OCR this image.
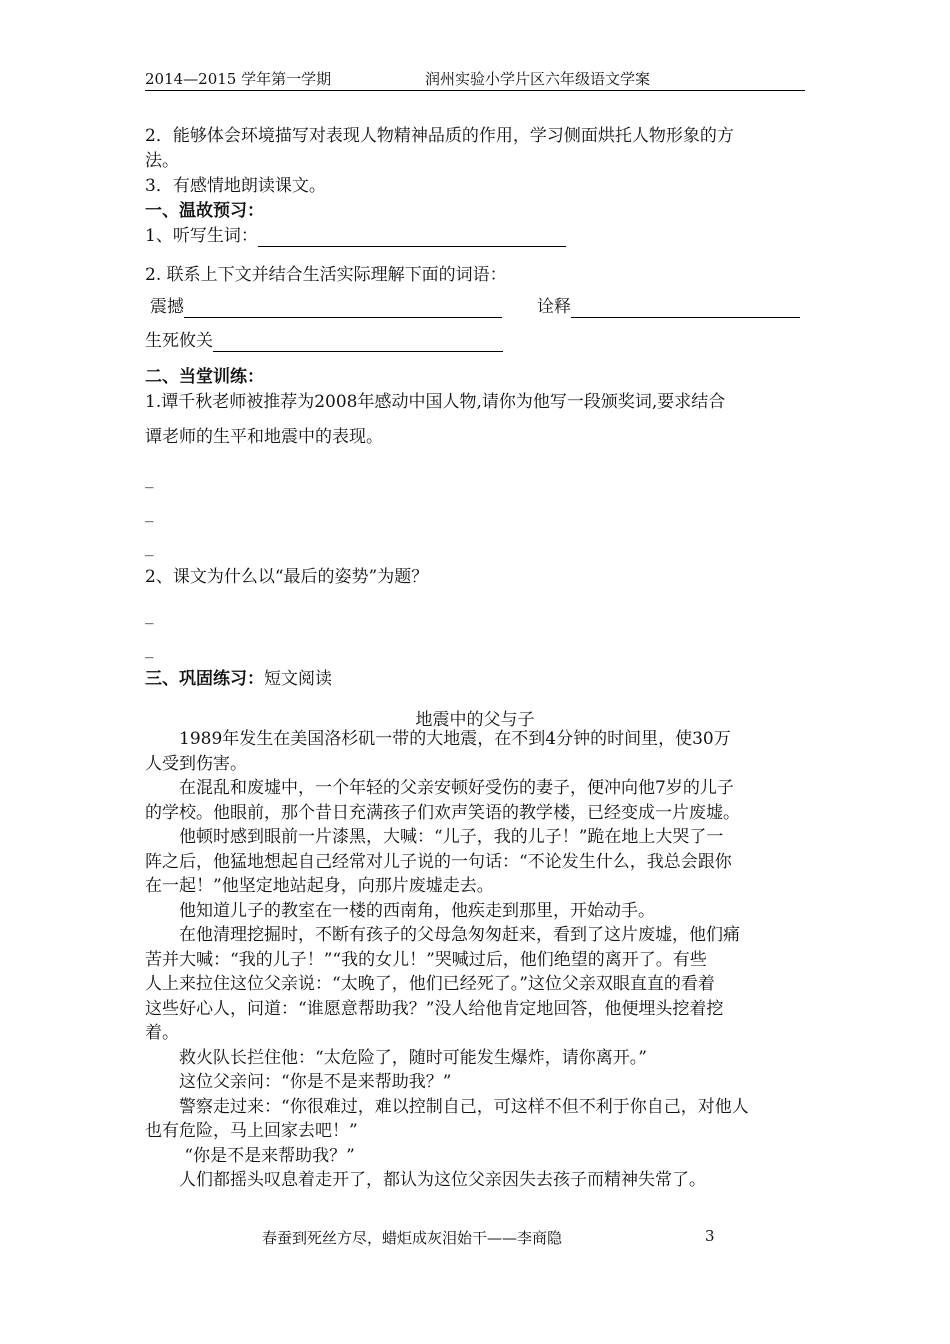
2014—2015 学年第一学期	润州实验小学片区六年级语文学案
2．能够体会环境描写对表现人物精神品质的作用，学习侧面烘托人物形象的方
法。
3．有感情地朗读课文。
一、温故预习：
1、听写生词：
2. 联系上下文并结合生活实际理解下面的词语：
震撼	诠释
生死攸关
二、当堂训练：
1.谭千秋老师被推荐为2008年感动中国人物,请你为他写一段颁奖词,要求结合
谭老师的生平和地震中的表现。
_
_
_
2、课文为什么以“最后的姿势”为题？
_
_
三、巩固练习：短文阅读
地震中的父与子
　　1989年发生在美国洛杉矶一带的大地震，在不到4分钟的时间里，使30万
人受到伤害。
　　在混乱和废墟中，一个年轻的父亲安顿好受伤的妻子，便冲向他7岁的儿子
的学校。他眼前，那个昔日充满孩子们欢声笑语的教学楼，已经变成一片废墟。
　　他顿时感到眼前一片漆黑，大喊：“儿子，我的儿子！”跪在地上大哭了一
阵之后，他猛地想起自己经常对儿子说的一句话：“不论发生什么，我总会跟你
在一起！”他坚定地站起身，向那片废墟走去。
　　他知道儿子的教室在一楼的西南角，他疾走到那里，开始动手。
　　在他清理挖掘时，不断有孩子的父母急匆匆赶来，看到了这片废墟，他们痛
苦并大喊：“我的儿子！”“我的女儿！”哭喊过后，他们绝望的离开了。有些
人上来拉住这位父亲说：“太晚了，他们已经死了。”这位父亲双眼直直的看着
这些好心人，问道：“谁愿意帮助我？”没人给他肯定地回答，他便埋头挖着挖
着。
　　救火队长拦住他：“太危险了，随时可能发生爆炸，请你离开。”
　　这位父亲问：“你是不是来帮助我？”
　　警察走过来：“你很难过，难以控制自己，可这样不但不利于你自己，对他人
也有危险，马上回家去吧！”
　　 “你是不是来帮助我？”
　　人们都摇头叹息着走开了，都认为这位父亲因失去孩子而精神失常了。
春蚕到死丝方尽，蜡炬成灰泪始干——李商隐	3
